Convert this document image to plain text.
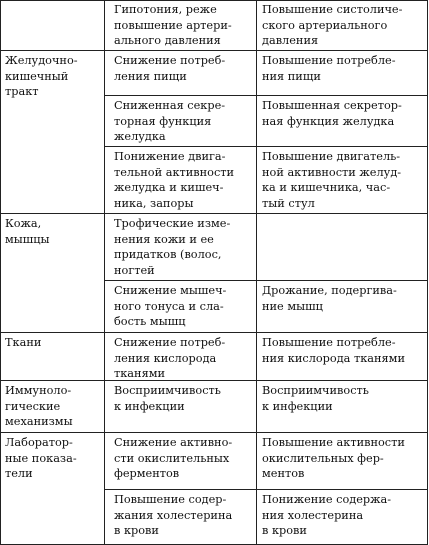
Гипотония, реже
повышение артери-
ального давления
Повышение систоличе-
ского артериального
давления
Желудочно-
кишечный
тракт
Снижение потреб-
ления пищи
Повышение потребле-
ния пищи
Сниженная секре-
торная функция
желудка
Повышенная секретор-
ная функция желудка
Понижение двига-
тельной активности
желудка и кишеч-
ника, запоры
Повышение двигатель-
ной активности желуд-
ка и кишечника, час-
тый стул
Кожа,
мышцы
Трофические изме-
нения кожи и ее
придатков (волос,
ногтей
Снижение мышеч-
ного тонуса и сла-
бость мышц
Дрожание, подергива-
ние мышц
Ткани	Снижение потреб-
ления кислорода
тканями
Повышение потребле-
ния кислорода тканями
Иммуноло-
гические
механизмы
Восприимчивость
к инфекции
Восприимчивость
к инфекции
Лаборатор-
ные показа-
тели
Снижение активно-
сти окислительных
ферментов
Повышение активности
окислительных фер-
ментов
Повышение содер-
жания холестерина
в крови
Понижение содержа-
ния холестерина
в крови
